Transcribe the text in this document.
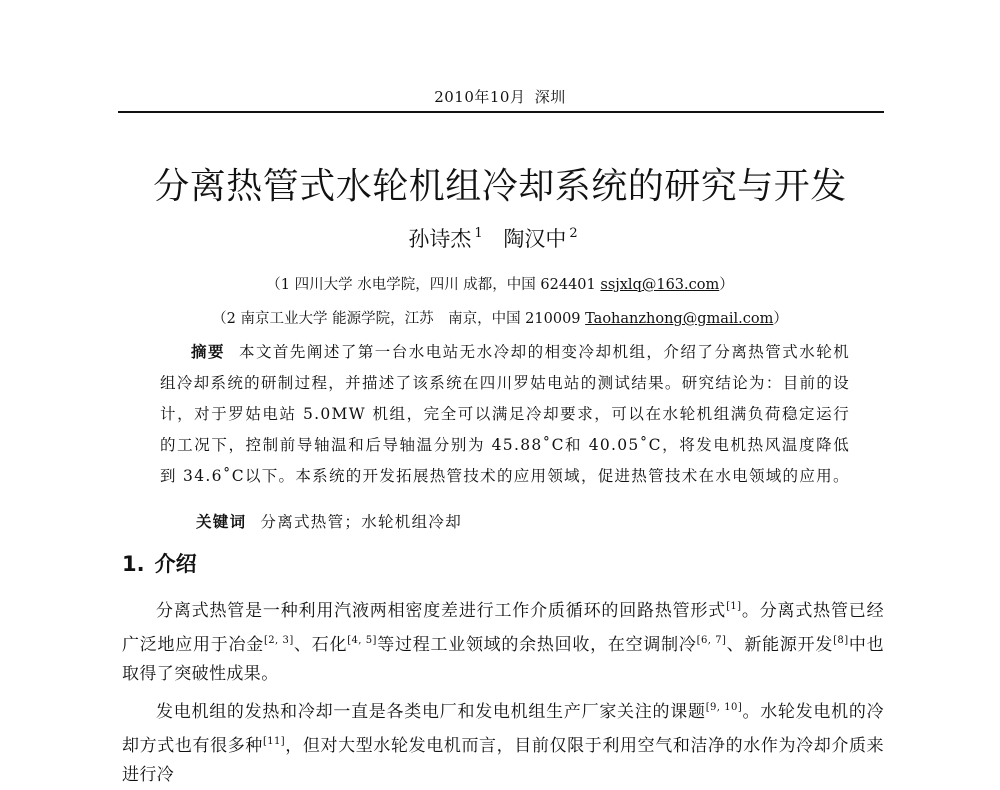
2010年10月 深圳
分离热管式水轮机组冷却系统的研究与开发
孙诗杰 $^1$ 陶汉中 $^2$
（1 四川大学 水电学院，四川 成都，中国 624401 ssjxlq@163.com）
（2 南京工业大学 能源学院，江苏　南京，中国 210009 Taohanzhong@gmail.com）

摘要 本文首先阐述了第一台水电站无水冷却的相变冷却机组，介绍了分离热管式水轮机组冷却系统的研制过程，并描述了该系统在四川罗姑电站的测试结果。研究结论为：目前的设计，对于罗姑电站 5.0MW 机组，完全可以满足冷却要求，可以在水轮机组满负荷稳定运行的工况下，控制前导轴温和后导轴温分别为 45.88˚C和 40.05˚C，将发电机热风温度降低到 34.6˚C以下。本系统的开发拓展热管技术的应用领域，促进热管技术在水电领域的应用。

关键词 分离式热管；水轮机组冷却
1. 介绍

分离式热管是一种利用汽液两相密度差进行工作介质循环的回路热管形式[1]。分离式热管已经广泛地应用于冶金[2, 3]、石化[4, 5]等过程工业领域的余热回收，在空调制冷[6, 7]、新能源开发[8]中也取得了突破性成果。

发电机组的发热和冷却一直是各类电厂和发电机组生产厂家关注的课题[9, 10]。水轮发电机的冷却方式也有很多种[11]，但对大型水轮发电机而言，目前仅限于利用空气和洁净的水作为冷却介质来进行冷
